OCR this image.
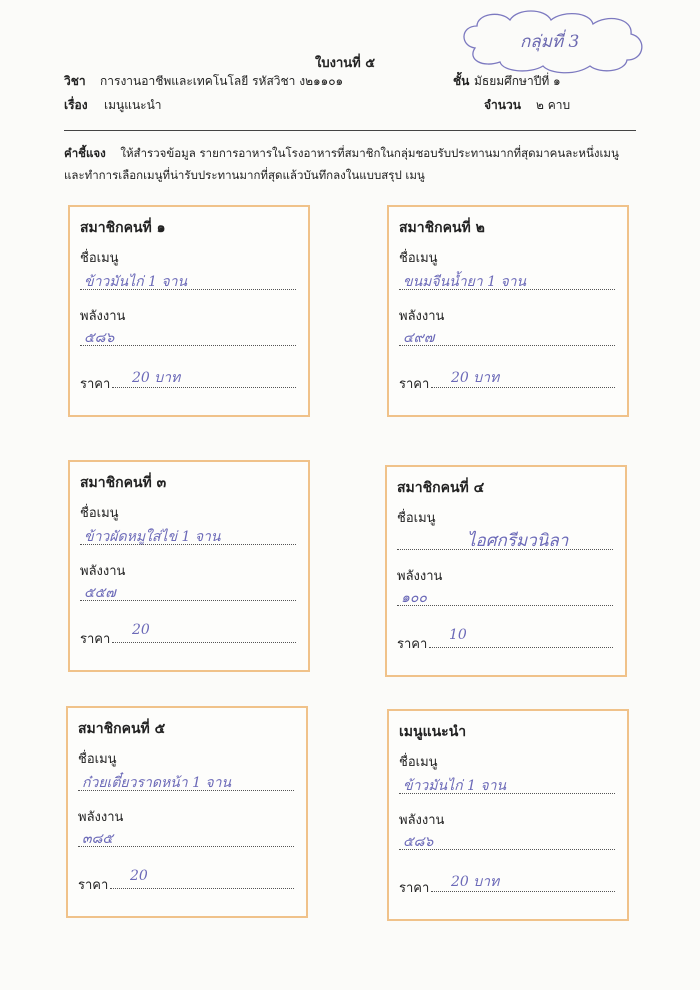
ใบงานที่ ๕
วิชา การงานอาชีพและเทคโนโลยี รหัสวิชา ง๒๑๑๐๑
เรื่อง เมนูแนะนำ
ชั้น มัธยมศึกษาปีที่ ๑
จำนวน ๒ คาบ
กลุ่มที่ 3
คำชี้แจง ให้สำรวจข้อมูล รายการอาหารในโรงอาหารที่สมาชิกในกลุ่มชอบรับประทานมากที่สุดมาคนละหนึ่งเมนู
และทำการเลือกเมนูที่น่ารับประทานมากที่สุดแล้วบันทึกลงในแบบสรุป เมนู
สมาชิกคนที่ ๑
ชื่อเมนู
ข้าวมันไก่ 1 จาน
พลังงาน
๕๘๖
ราคา 20 บาท
สมาชิกคนที่ ๒
ชื่อเมนู
ขนมจีนน้ำยา 1 จาน
พลังงาน
๔๙๗
ราคา 20 บาท
สมาชิกคนที่ ๓
ชื่อเมนู
ข้าวผัดหมูใส่ไข่ 1 จาน
พลังงาน
๕๕๗
ราคา
20
สมาชิกคนที่ ๔
ชื่อเมนู
ไอศกรีมวนิลา
พลังงาน
๑๐๐
ราคา
10
สมาชิกคนที่ ๕
ชื่อเมนู
ก๋วยเตี๋ยวราดหน้า 1 จาน
พลังงาน
๓๘๕
ราคา
20
เมนูแนะนำ
ชื่อเมนู
ข้าวมันไก่ 1 จาน
พลังงาน
๕๘๖
ราคา 20 บาท
